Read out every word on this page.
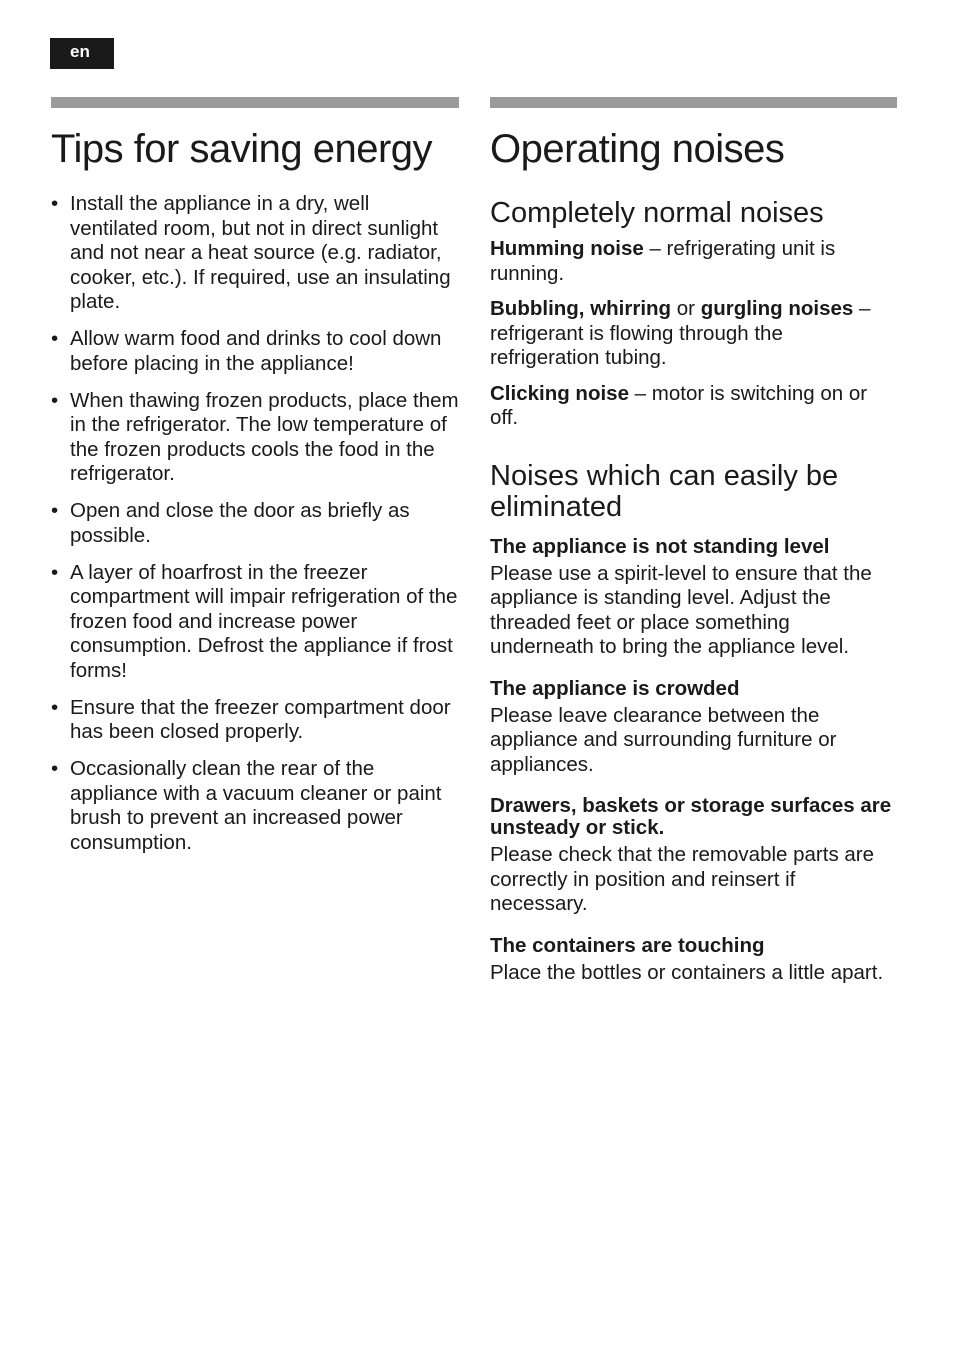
en
Tips for saving energy
• Install the appliance in a dry, well ventilated room, but not in direct sunlight and not near a heat source (e.g. radiator, cooker, etc.). If required, use an insulating plate.
• Allow warm food and drinks to cool down before placing in the appliance!
• When thawing frozen products, place them in the refrigerator. The low temperature of the frozen products cools the food in the refrigerator.
• Open and close the door as briefly as possible.
• A layer of hoarfrost in the freezer compartment will impair refrigeration of the frozen food and increase power consumption. Defrost the appliance if frost forms!
• Ensure that the freezer compartment door has been closed properly.
• Occasionally clean the rear of the appliance with a vacuum cleaner or paint brush to prevent an increased power consumption.
Operating noises
Completely normal noises

Humming noise – refrigerating unit is running.

Bubbling, whirring or gurgling noises – refrigerant is flowing through the refrigeration tubing.

Clicking noise – motor is switching on or off.

Noises which can easily be eliminated
The appliance is not standing level

Please use a spirit-level to ensure that the appliance is standing level. Adjust the threaded feet or place something underneath to bring the appliance level.

The appliance is crowded

Please leave clearance between the appliance and surrounding furniture or appliances.

Drawers, baskets or storage surfaces are unsteady or stick.

Please check that the removable parts are correctly in position and reinsert if necessary.

The containers are touching

Place the bottles or containers a little apart.
